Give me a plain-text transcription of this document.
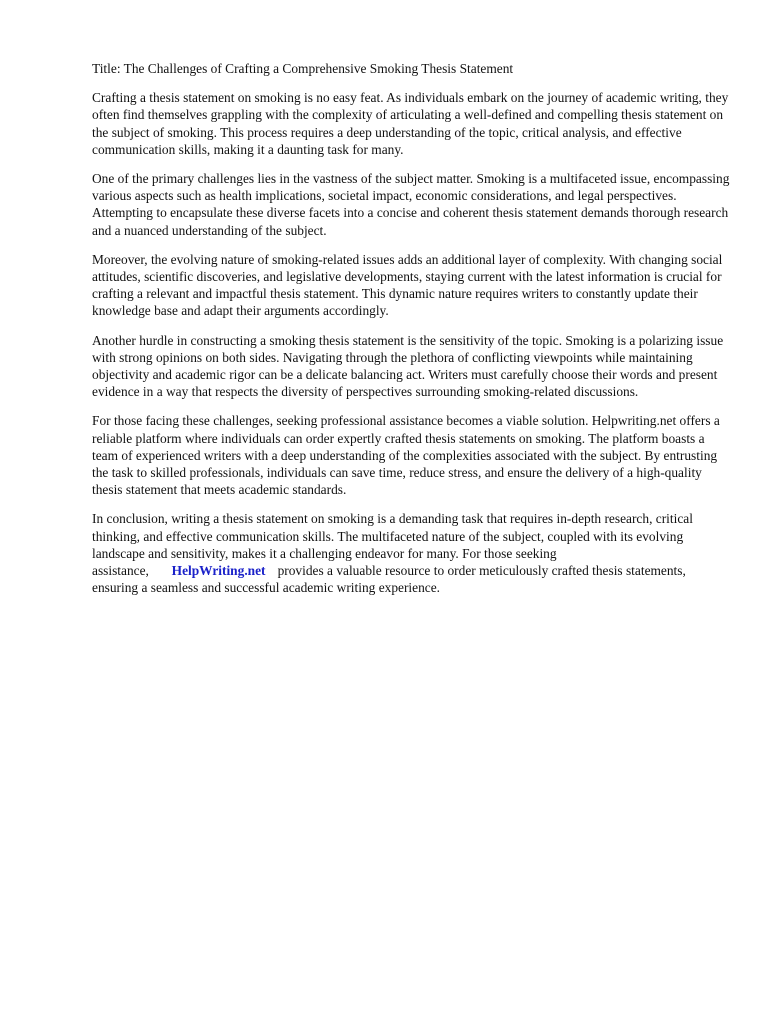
Title: The Challenges of Crafting a Comprehensive Smoking Thesis Statement

Crafting a thesis statement on smoking is no easy feat. As individuals embark on the journey of academic writing, they often find themselves grappling with the complexity of articulating a well-defined and compelling thesis statement on the subject of smoking. This process requires a deep understanding of the topic, critical analysis, and effective communication skills, making it a daunting task for many.

One of the primary challenges lies in the vastness of the subject matter. Smoking is a multifaceted issue, encompassing various aspects such as health implications, societal impact, economic considerations, and legal perspectives. Attempting to encapsulate these diverse facets into a concise and coherent thesis statement demands thorough research and a nuanced understanding of the subject.

Moreover, the evolving nature of smoking-related issues adds an additional layer of complexity. With changing social attitudes, scientific discoveries, and legislative developments, staying current with the latest information is crucial for crafting a relevant and impactful thesis statement. This dynamic nature requires writers to constantly update their knowledge base and adapt their arguments accordingly.

Another hurdle in constructing a smoking thesis statement is the sensitivity of the topic. Smoking is a polarizing issue with strong opinions on both sides. Navigating through the plethora of conflicting viewpoints while maintaining objectivity and academic rigor can be a delicate balancing act. Writers must carefully choose their words and present evidence in a way that respects the diversity of perspectives surrounding smoking-related discussions.

For those facing these challenges, seeking professional assistance becomes a viable solution. Helpwriting.net offers a reliable platform where individuals can order expertly crafted thesis statements on smoking. The platform boasts a team of experienced writers with a deep understanding of the complexities associated with the subject. By entrusting the task to skilled professionals, individuals can save time, reduce stress, and ensure the delivery of a high-quality thesis statement that meets academic standards.

In conclusion, writing a thesis statement on smoking is a demanding task that requires in-depth research, critical thinking, and effective communication skills. The multifaceted nature of the subject, coupled with its evolving landscape and sensitivity, makes it a challenging endeavor for many. For those seeking assistance, HelpWriting.net provides a valuable resource to order meticulously crafted thesis statements, ensuring a seamless and successful academic writing experience.
